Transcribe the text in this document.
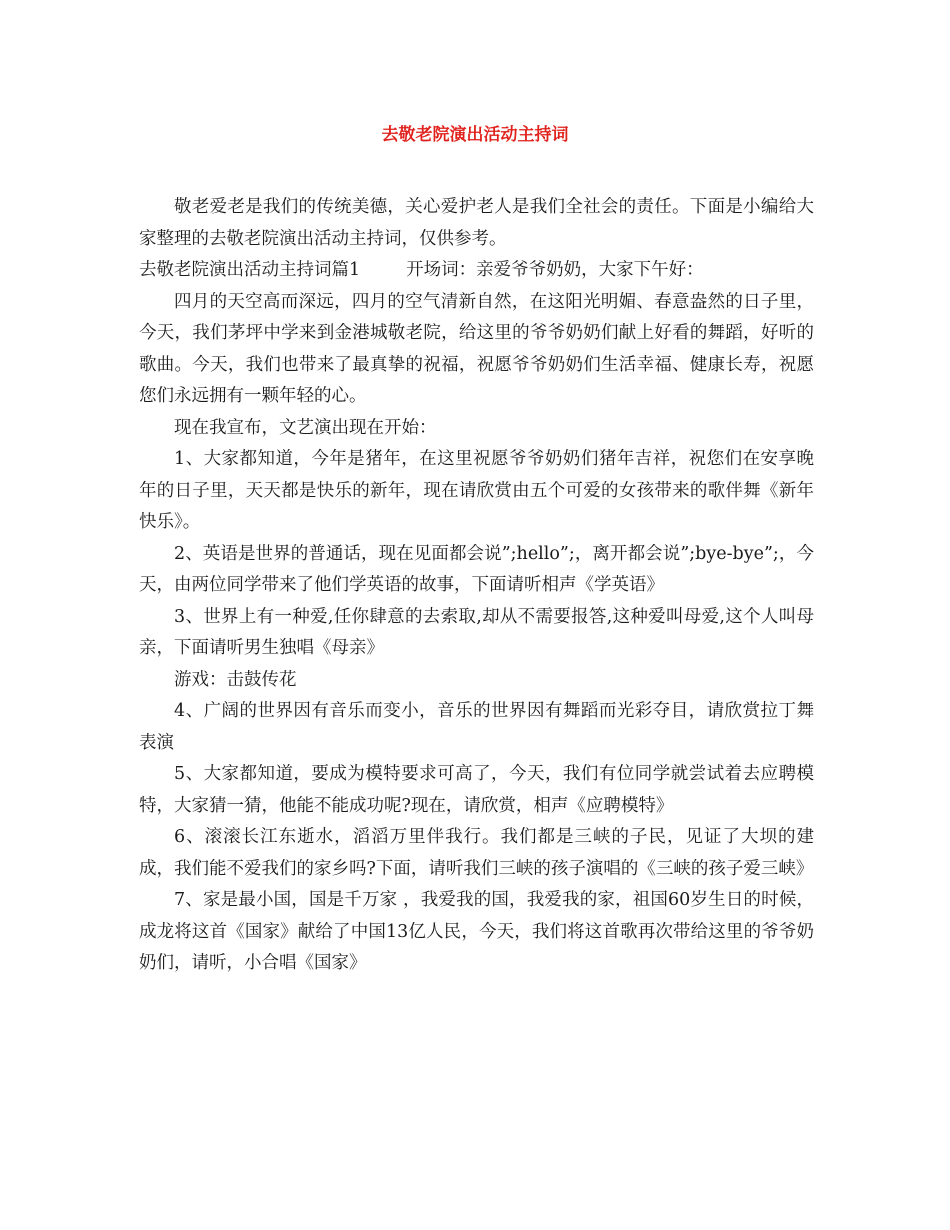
去敬老院演出活动主持词

敬老爱老是我们的传统美德，关心爱护老人是我们全社会的责任。下面是小编给大家整理的去敬老院演出活动主持词，仅供参考。

去敬老院演出活动主持词篇1	开场词：亲爱爷爷奶奶，大家下午好：

四月的天空高而深远，四月的空气清新自然，在这阳光明媚、春意盎然的日子里，今天，我们茅坪中学来到金港城敬老院，给这里的爷爷奶奶们献上好看的舞蹈，好听的歌曲。今天，我们也带来了最真挚的祝福，祝愿爷爷奶奶们生活幸福、健康长寿，祝愿您们永远拥有一颗年轻的心。

现在我宣布，文艺演出现在开始：

1、大家都知道，今年是猪年，在这里祝愿爷爷奶奶们猪年吉祥，祝您们在安享晚年的日子里，天天都是快乐的新年，现在请欣赏由五个可爱的女孩带来的歌伴舞《新年快乐》。

2、英语是世界的普通话，现在见面都会说”;hello”;，离开都会说”;bye-bye”;，今天，由两位同学带来了他们学英语的故事，下面请听相声《学英语》

3、世界上有一种爱,任你肆意的去索取,却从不需要报答,这种爱叫母爱,这个人叫母亲，下面请听男生独唱《母亲》

游戏：击鼓传花

4、广阔的世界因有音乐而变小，音乐的世界因有舞蹈而光彩夺目，请欣赏拉丁舞表演

5、大家都知道，要成为模特要求可高了，今天，我们有位同学就尝试着去应聘模特，大家猜一猜，他能不能成功呢?现在，请欣赏，相声《应聘模特》

6、滚滚长江东逝水，滔滔万里伴我行。我们都是三峡的子民，见证了大坝的建成，我们能不爱我们的家乡吗?下面，请听我们三峡的孩子演唱的《三峡的孩子爱三峡》

7、家是最小国，国是千万家 ，我爱我的国，我爱我的家，祖国60岁生日的时候，成龙将这首《国家》献给了中国13亿人民，今天，我们将这首歌再次带给这里的爷爷奶奶们，请听，小合唱《国家》
